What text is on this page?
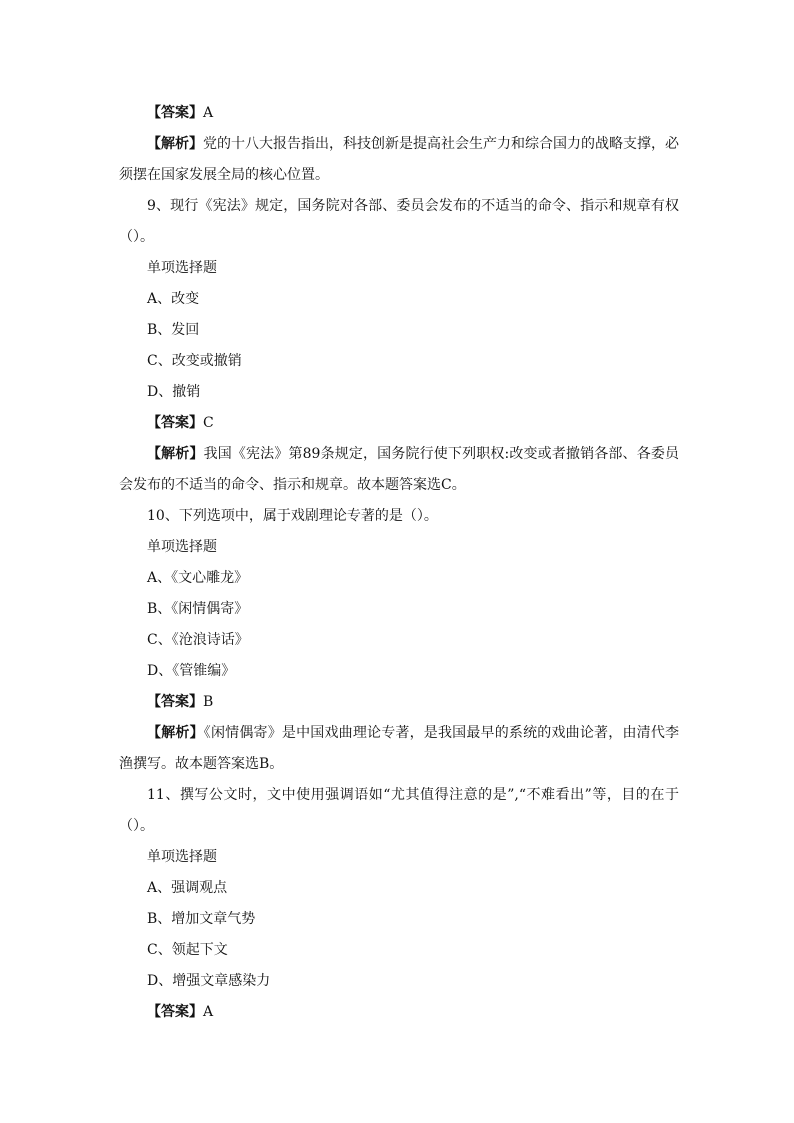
【答案】A

【解析】党的十八大报告指出，科技创新是提高社会生产力和综合国力的战略支撑，必须摆在国家发展全局的核心位置。

9、现行《宪法》规定，国务院对各部、委员会发布的不适当的命令、指示和规章有权（）。

单项选择题

A、改变

B、发回

C、改变或撤销

D、撤销

【答案】C

【解析】我国《宪法》第89条规定，国务院行使下列职权:改变或者撤销各部、各委员会发布的不适当的命令、指示和规章。故本题答案选C。

10、下列选项中，属于戏剧理论专著的是（）。

单项选择题

A、《文心雕龙》

B、《闲情偶寄》

C、《沧浪诗话》

D、《管锥编》

【答案】B

【解析】《闲情偶寄》是中国戏曲理论专著，是我国最早的系统的戏曲论著，由清代李渔撰写。故本题答案选B。

11、撰写公文时，文中使用强调语如“尤其值得注意的是”,“不难看出”等，目的在于（）。

单项选择题

A、强调观点

B、增加文章气势

C、领起下文

D、增强文章感染力

【答案】A
